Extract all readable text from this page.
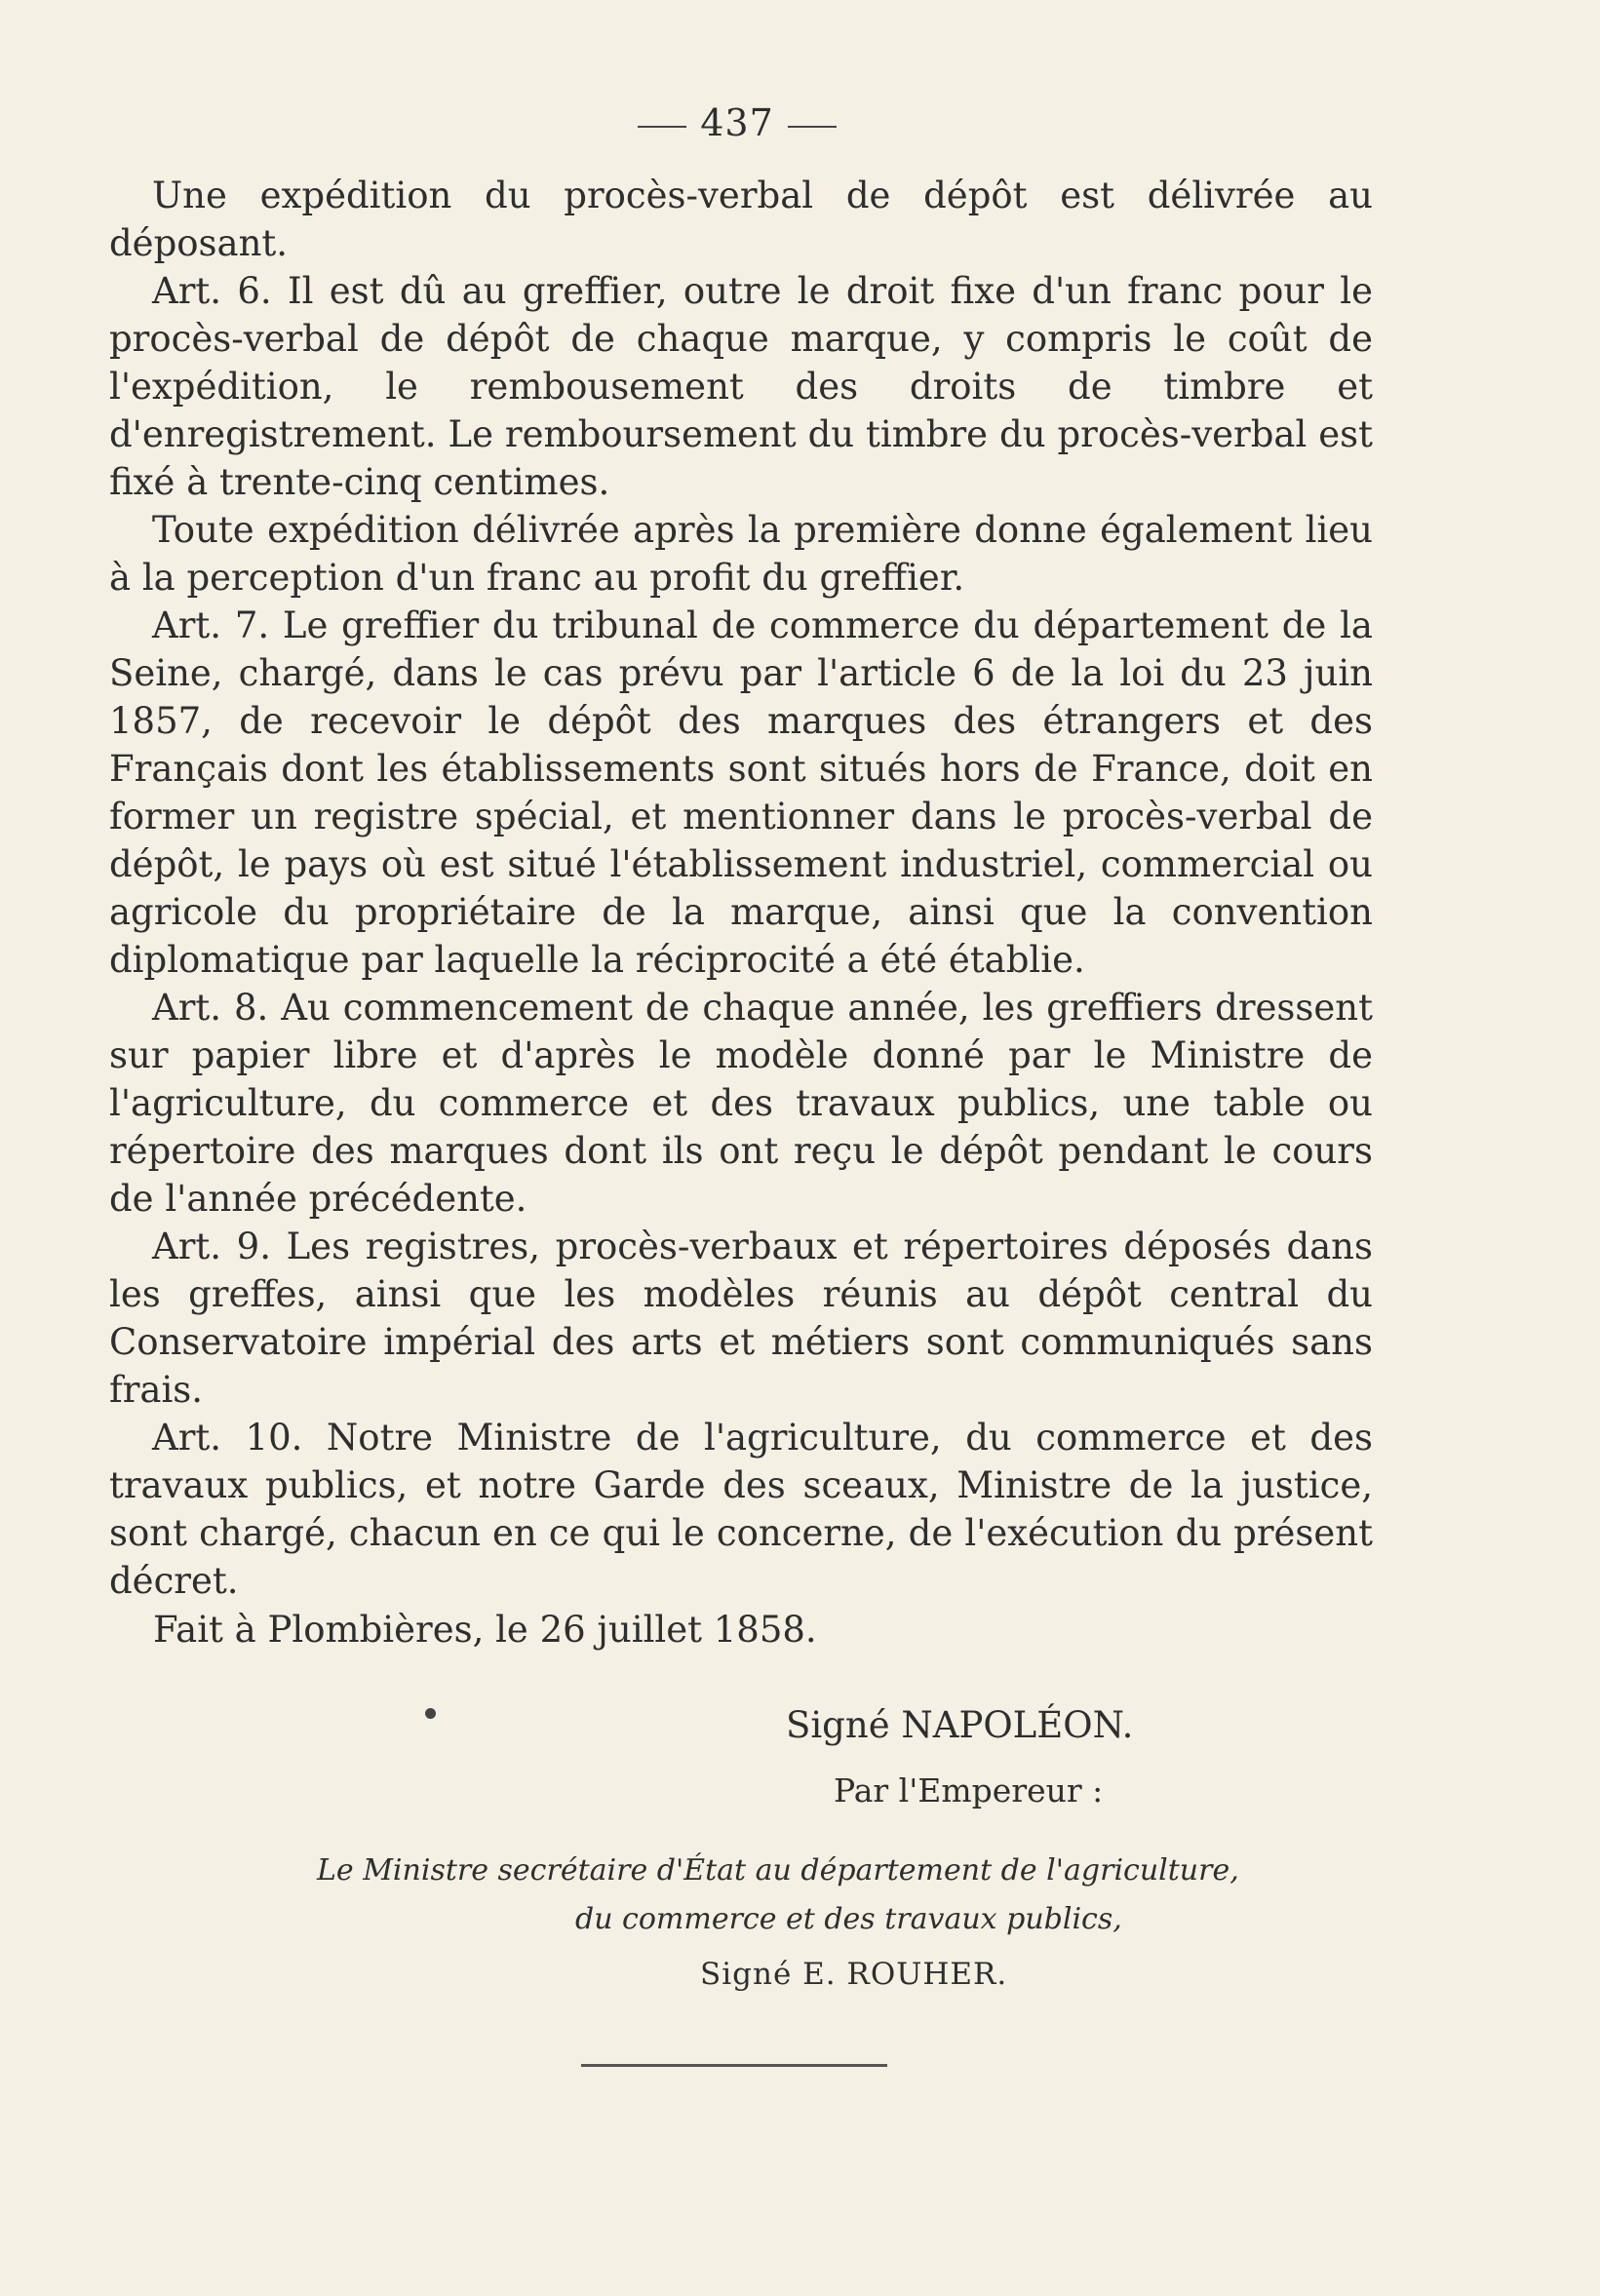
437

Une expédition du procès-verbal de dépôt est délivrée au déposant.

Art. 6. Il est dû au greffier, outre le droit fixe d'un franc pour le procès-verbal de dépôt de chaque marque, y compris le coût de l'expédition, le rembousement des droits de timbre et d'enregistrement. Le remboursement du timbre du procès-verbal est fixé à trente-cinq centimes.

Toute expédition délivrée après la première donne également lieu à la perception d'un franc au profit du greffier.

Art. 7. Le greffier du tribunal de commerce du département de la Seine, chargé, dans le cas prévu par l'article 6 de la loi du 23 juin 1857, de recevoir le dépôt des marques des étrangers et des Français dont les établissements sont situés hors de France, doit en former un registre spécial, et mentionner dans le procès-verbal de dépôt, le pays où est situé l'établissement industriel, commercial ou agricole du propriétaire de la marque, ainsi que la convention diplomatique par laquelle la réciprocité a été établie.

Art. 8. Au commencement de chaque année, les greffiers dressent sur papier libre et d'après le modèle donné par le Ministre de l'agriculture, du commerce et des travaux publics, une table ou répertoire des marques dont ils ont reçu le dépôt pendant le cours de l'année précédente.

Art. 9. Les registres, procès-verbaux et répertoires déposés dans les greffes, ainsi que les modèles réunis au dépôt central du Conservatoire impérial des arts et métiers sont communiqués sans frais.

Art. 10. Notre Ministre de l'agriculture, du commerce et des travaux publics, et notre Garde des sceaux, Ministre de la justice, sont chargé, chacun en ce qui le concerne, de l'exécution du présent décret.

Fait à Plombières, le 26 juillet 1858.
Signé NAPOLÉON.
Par l'Empereur :
Le Ministre secrétaire d'État au département de l'agriculture,
du commerce et des travaux publics,
Signé E. ROUHER.
